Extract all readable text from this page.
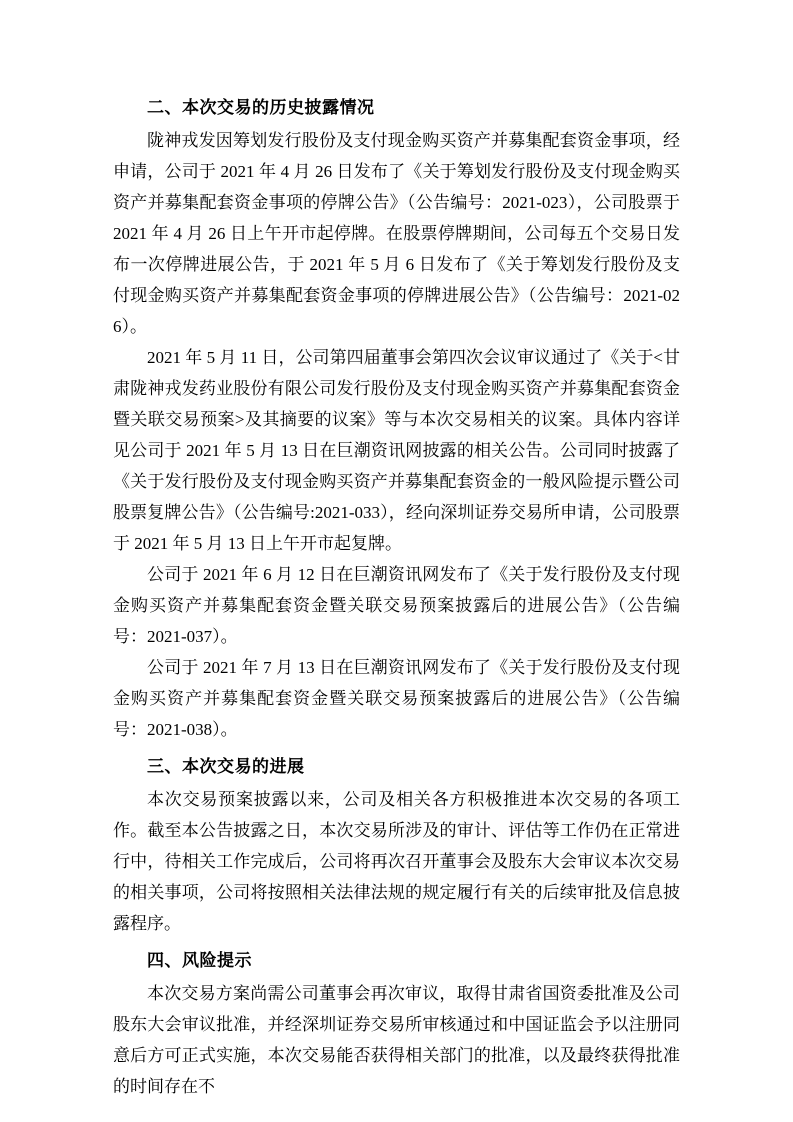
二、本次交易的历史披露情况

陇神戎发因筹划发行股份及支付现金购买资产并募集配套资金事项，经申请，公司于 2021 年 4 月 26 日发布了《关于筹划发行股份及支付现金购买资产并募集配套资金事项的停牌公告》（公告编号：2021-023），公司股票于 2021 年 4 月 26 日上午开市起停牌。在股票停牌期间，公司每五个交易日发布一次停牌进展公告，于 2021 年 5 月 6 日发布了《关于筹划发行股份及支付现金购买资产并募集配套资金事项的停牌进展公告》（公告编号：2021-026）。

2021 年 5 月 11 日，公司第四届董事会第四次会议审议通过了《关于<甘肃陇神戎发药业股份有限公司发行股份及支付现金购买资产并募集配套资金暨关联交易预案>及其摘要的议案》等与本次交易相关的议案。具体内容详见公司于 2021 年 5 月 13 日在巨潮资讯网披露的相关公告。公司同时披露了《关于发行股份及支付现金购买资产并募集配套资金的一般风险提示暨公司股票复牌公告》（公告编号:2021-033），经向深圳证券交易所申请，公司股票于 2021 年 5 月 13 日上午开市起复牌。

公司于 2021 年 6 月 12 日在巨潮资讯网发布了《关于发行股份及支付现金购买资产并募集配套资金暨关联交易预案披露后的进展公告》（公告编号：2021-037）。

公司于 2021 年 7 月 13 日在巨潮资讯网发布了《关于发行股份及支付现金购买资产并募集配套资金暨关联交易预案披露后的进展公告》（公告编号：2021-038）。

三、本次交易的进展

本次交易预案披露以来，公司及相关各方积极推进本次交易的各项工作。截至本公告披露之日，本次交易所涉及的审计、评估等工作仍在正常进行中，待相关工作完成后，公司将再次召开董事会及股东大会审议本次交易的相关事项，公司将按照相关法律法规的规定履行有关的后续审批及信息披露程序。

四、风险提示

本次交易方案尚需公司董事会再次审议，取得甘肃省国资委批准及公司股东大会审议批准，并经深圳证券交易所审核通过和中国证监会予以注册同意后方可正式实施，本次交易能否获得相关部门的批准，以及最终获得批准的时间存在不
